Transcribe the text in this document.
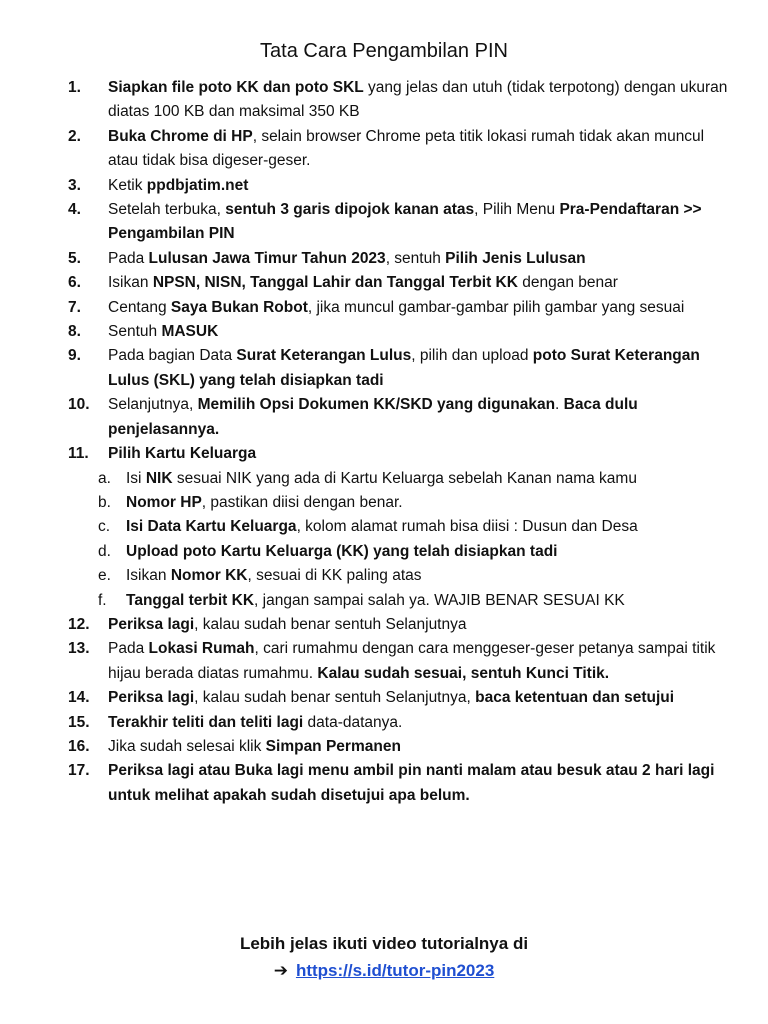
Tata Cara Pengambilan PIN
1. Siapkan file poto KK dan poto SKL yang jelas dan utuh (tidak terpotong) dengan ukuran diatas 100 KB dan maksimal 350 KB
2. Buka Chrome di HP, selain browser Chrome peta titik lokasi rumah tidak akan muncul atau tidak bisa digeser-geser.
3. Ketik ppdbjatim.net
4. Setelah terbuka, sentuh 3 garis dipojok kanan atas, Pilih Menu Pra-Pendaftaran >> Pengambilan PIN
5. Pada Lulusan Jawa Timur Tahun 2023, sentuh Pilih Jenis Lulusan
6. Isikan NPSN, NISN, Tanggal Lahir dan Tanggal Terbit KK dengan benar
7. Centang Saya Bukan Robot, jika muncul gambar-gambar pilih gambar yang sesuai
8. Sentuh MASUK
9. Pada bagian Data Surat Keterangan Lulus, pilih dan upload poto Surat Keterangan Lulus (SKL) yang telah disiapkan tadi
10. Selanjutnya, Memilih Opsi Dokumen KK/SKD yang digunakan. Baca dulu penjelasannya.
11. Pilih Kartu Keluarga
a. Isi NIK sesuai NIK yang ada di Kartu Keluarga sebelah Kanan nama kamu
b. Nomor HP, pastikan diisi dengan benar.
c. Isi Data Kartu Keluarga, kolom alamat rumah bisa diisi : Dusun dan Desa
d. Upload poto Kartu Keluarga (KK) yang telah disiapkan tadi
e. Isikan Nomor KK, sesuai di KK paling atas
f. Tanggal terbit KK, jangan sampai salah ya. WAJIB BENAR SESUAI KK
12. Periksa lagi, kalau sudah benar sentuh Selanjutnya
13. Pada Lokasi Rumah, cari rumahmu dengan cara menggeser-geser petanya sampai titik hijau berada diatas rumahmu. Kalau sudah sesuai, sentuh Kunci Titik.
14. Periksa lagi, kalau sudah benar sentuh Selanjutnya, baca ketentuan dan setujui
15. Terakhir teliti dan teliti lagi data-datanya.
16. Jika sudah selesai klik Simpan Permanen
17. Periksa lagi atau Buka lagi menu ambil pin nanti malam atau besuk atau 2 hari lagi untuk melihat apakah sudah disetujui apa belum.
Lebih jelas ikuti video tutorialnya di
➔ https://s.id/tutor-pin2023
